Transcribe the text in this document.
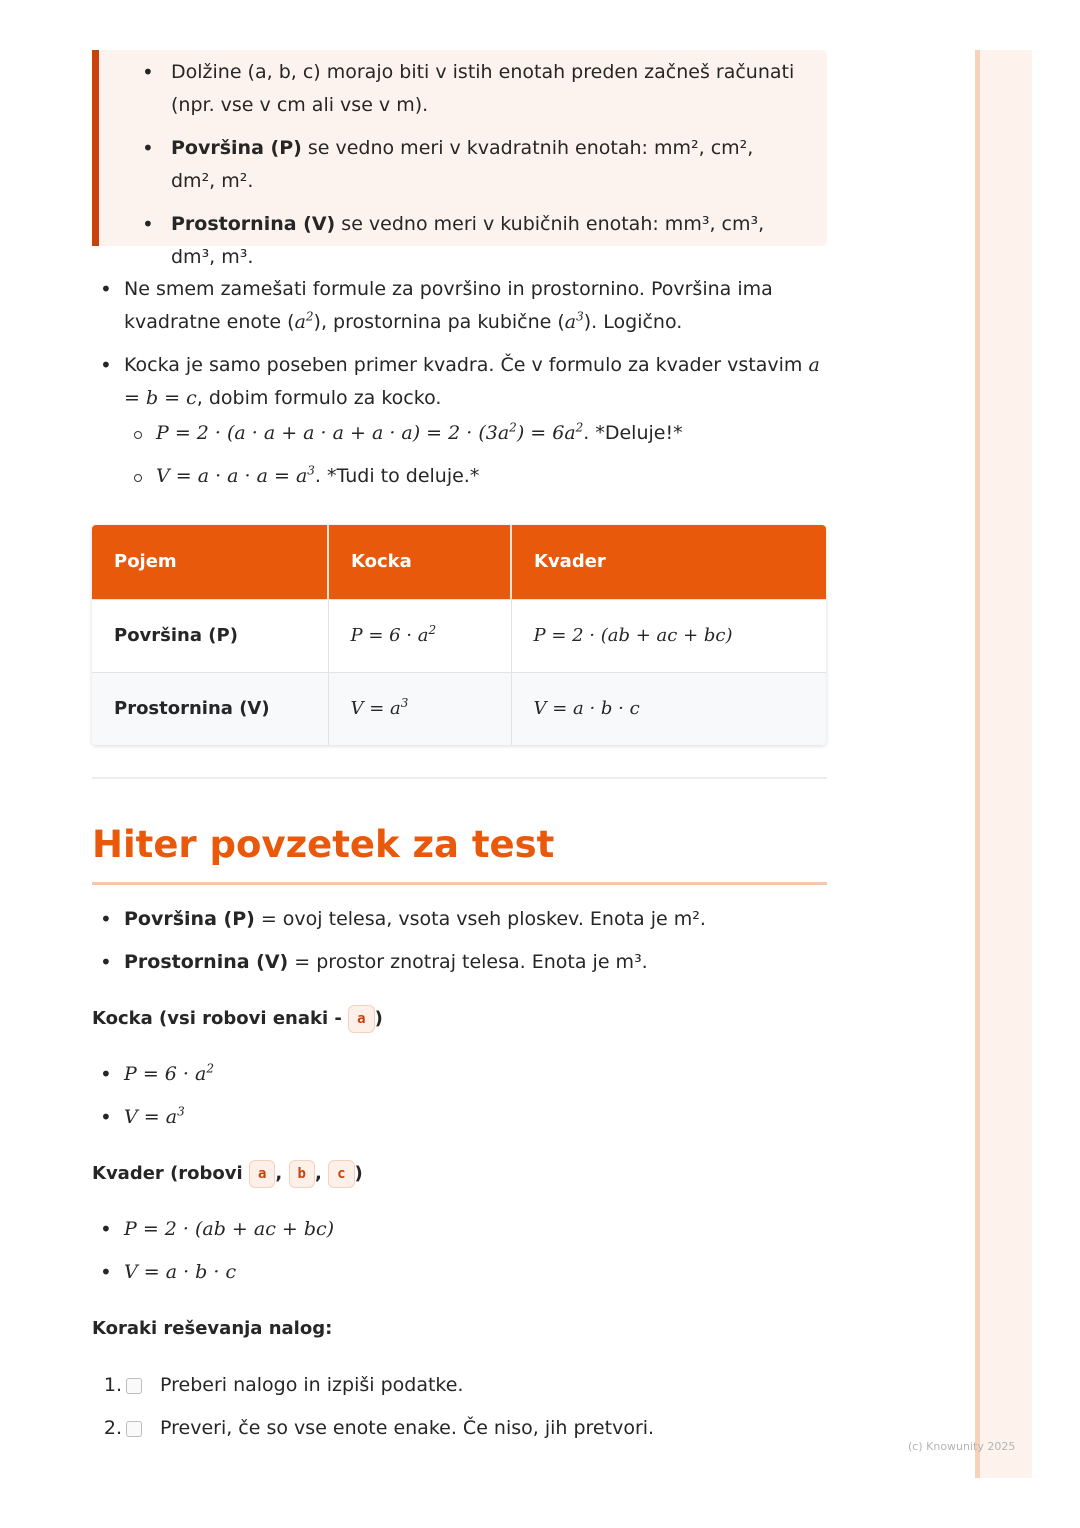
(c) Knowunity 2025
• Dolžine (a, b, c) morajo biti v istih enotah preden začneš računati (npr. vse v cm ali vse v m).
• Površina (P) se vedno meri v kvadratnih enotah: mm², cm², dm², m².
• Prostornina (V) se vedno meri v kubičnih enotah: mm³, cm³, dm³, m³.
• Ne smem zamešati formule za površino in prostornino. Površina ima kvadratne enote $(a^2)$, prostornina pa kubične $(a^3)$. Logično.
• Kocka je samo poseben primer kvadra. Če v formulo za kvader vstavim a = b = c, dobim formulo za kocko.
$P = 2 \cdot (a \cdot a + a \cdot a + a \cdot a) = 2 \cdot (3a^2) = 6a^2$. *Deluje!*
$V = a \cdot a \cdot a = a^3$. *Tudi to deluje.*
Pojem	Kocka	Kvader
Površina (P)	$P = 6 \cdot a^2$	P = 2 · (ab + ac + bc)
Prostornina (V)	$V = a^3$	V = a · b · c
Hiter povzetek za test
• Površina (P) = ovoj telesa, vsota vseh ploskev. Enota je m².
• Prostornina (V) = prostor znotraj telesa. Enota je m³.
Kocka (vsi robovi enaki - a )
• $P = 6 \cdot a^2$
• $V = a^3$
Kvader (robovi a , b , c )
• P = 2 · (ab + ac + bc)
• V = a · b · c
Koraki reševanja nalog:
1. Preberi nalogo in izpiši podatke.
2. Preveri, če so vse enote enake. Če niso, jih pretvori.
